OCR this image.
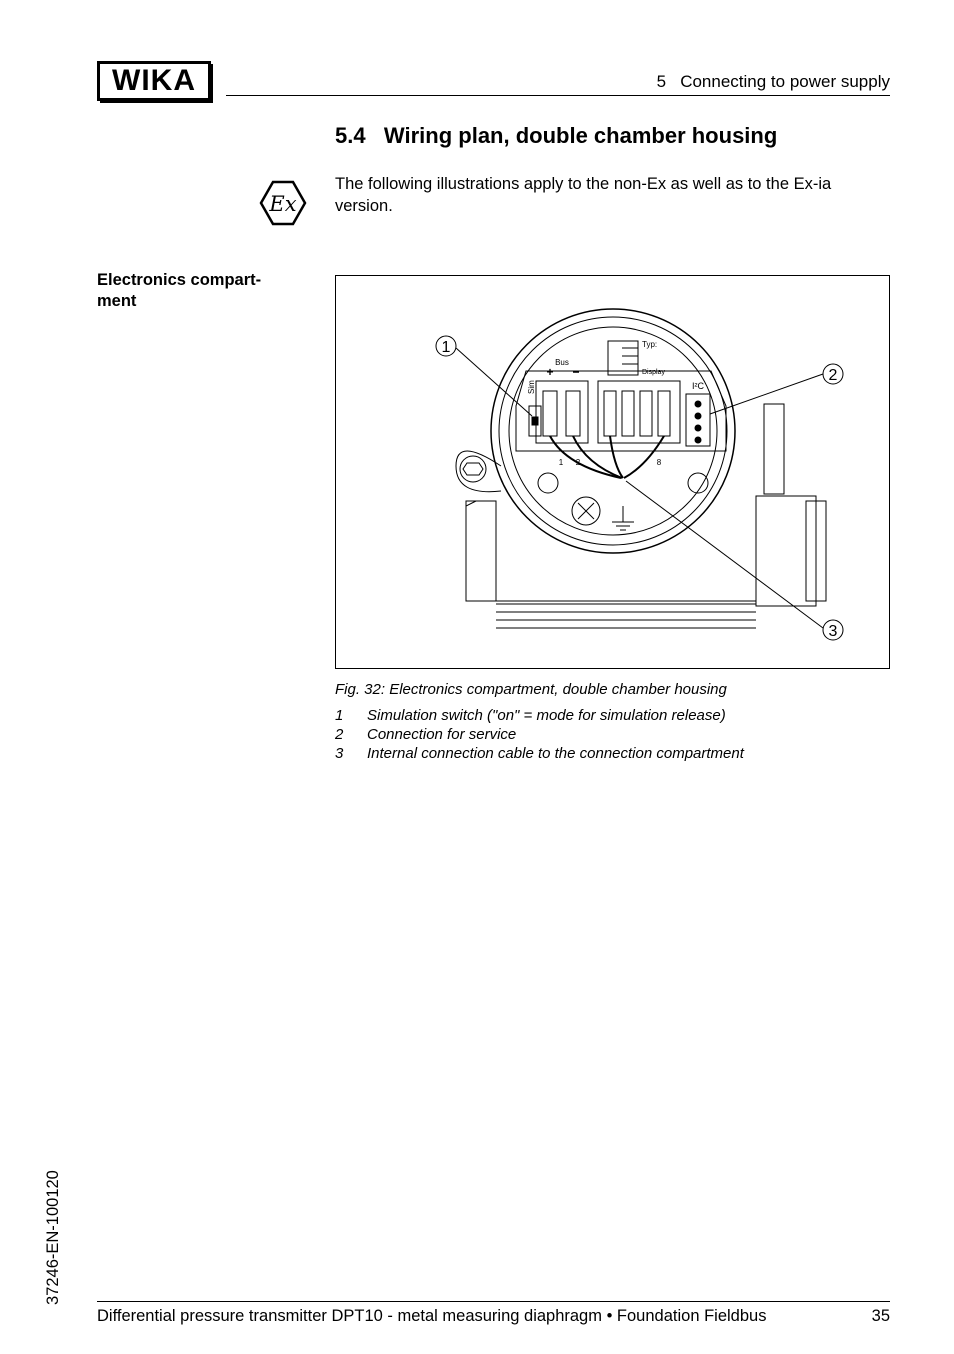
WIKA	5   Connecting to power supply
5.4   Wiring plan, double chamber housing
Ex
The following illustrations apply to the non-Ex as well as to the Ex-ia
version.
Electronics compart-
ment
1
2
3
Bus
+ −
Typ:
Display
I²C
Sim
1 2	8
Fig. 32: Electronics compartment, double chamber housing
1 Simulation switch ("on" = mode for simulation release)
2 Connection for service
3 Internal connection cable to the connection compartment
37246-EN-100120
Differential pressure transmitter DPT10 - metal measuring diaphragm • Foundation Fieldbus	35
